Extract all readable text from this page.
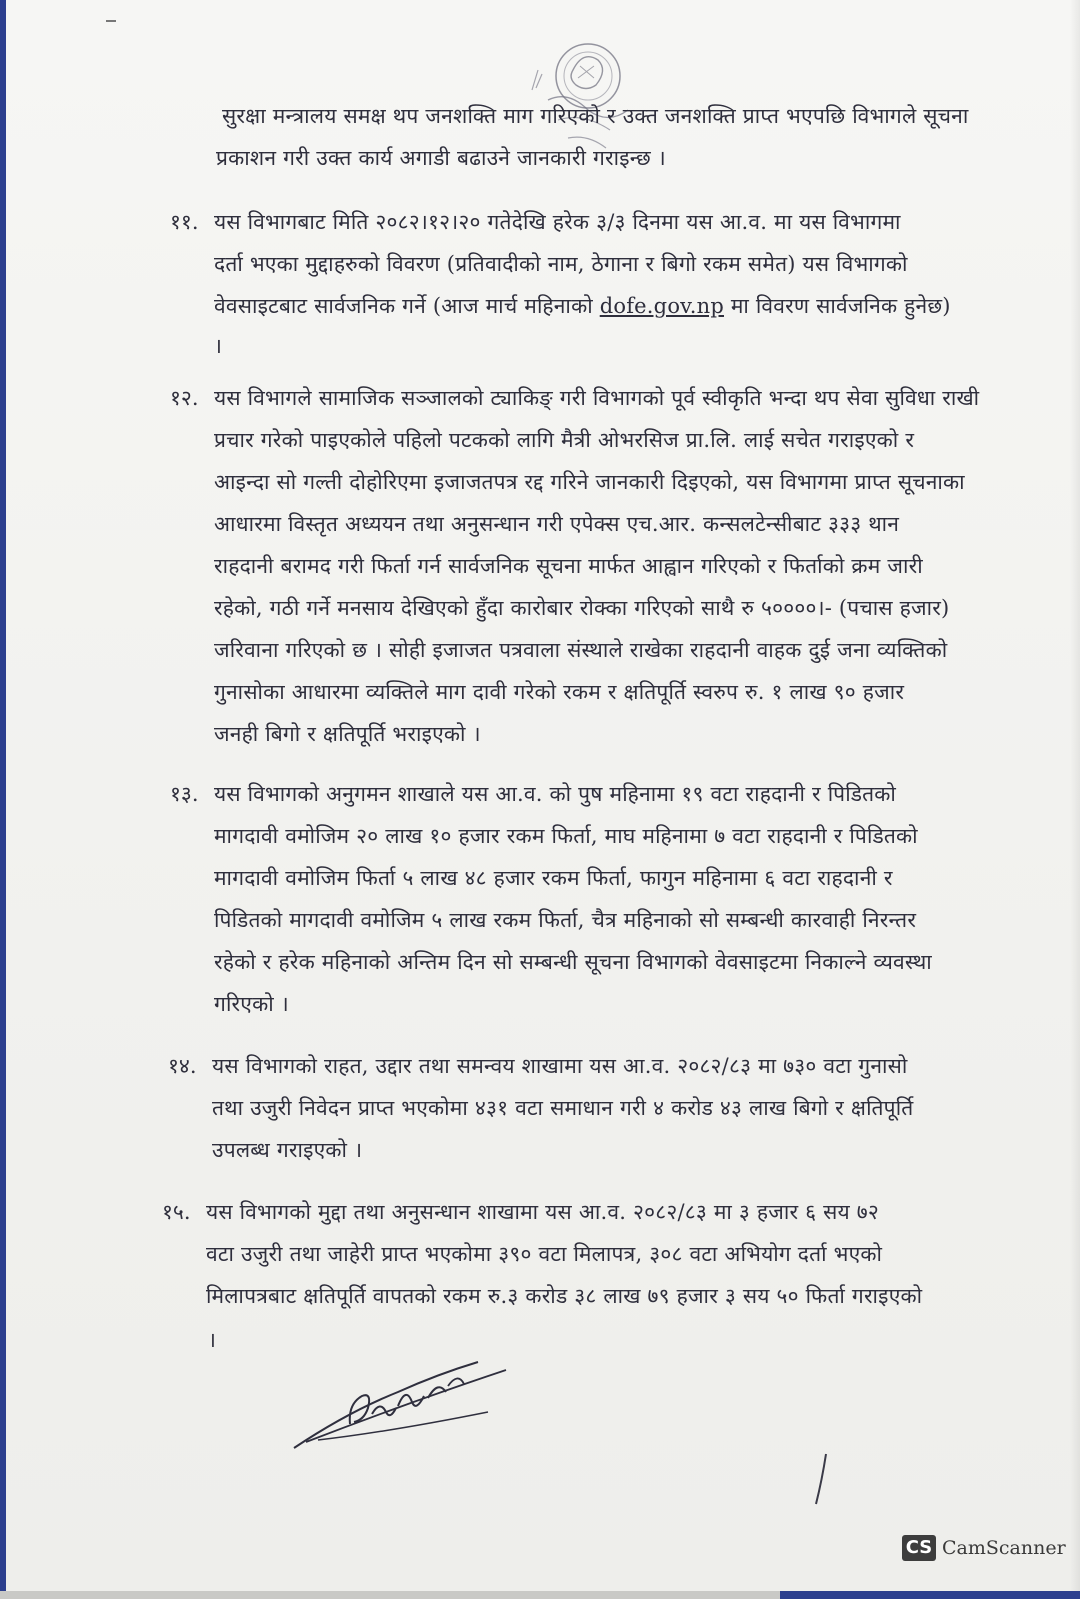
सुरक्षा मन्त्रालय समक्ष थप जनशक्ति माग गरिएको र उक्त जनशक्ति प्राप्त भएपछि विभागले सूचना
प्रकाशन गरी उक्त कार्य अगाडी बढाउने जानकारी गराइन्छ ।
११. यस विभागबाट मिति २०८२।१२।२० गतेदेखि हरेक ३/३ दिनमा यस आ.व. मा यस विभागमा
दर्ता भएका मुद्दाहरुको विवरण (प्रतिवादीको नाम, ठेगाना र बिगो रकम समेत) यस विभागको
वेवसाइटबाट सार्वजनिक गर्ने (आज मार्च महिनाको dofe.gov.np मा विवरण सार्वजनिक हुनेछ)
।
१२. यस विभागले सामाजिक सञ्जालको ट्याकिङ् गरी विभागको पूर्व स्वीकृति भन्दा थप सेवा सुविधा राखी
प्रचार गरेको पाइएकोले पहिलो पटकको लागि मैत्री ओभरसिज प्रा.लि. लाई सचेत गराइएको र
आइन्दा सो गल्ती दोहोरिएमा इजाजतपत्र रद्द गरिने जानकारी दिइएको, यस विभागमा प्राप्त सूचनाका
आधारमा विस्तृत अध्ययन तथा अनुसन्धान गरी एपेक्स एच.आर. कन्सलटेन्सीबाट ३३३ थान
राहदानी बरामद गरी फिर्ता गर्न सार्वजनिक सूचना मार्फत आह्वान गरिएको र फिर्ताको क्रम जारी
रहेको, गठी गर्ने मनसाय देखिएको हुँदा कारोबार रोक्का गरिएको साथै रु ५००००।- (पचास हजार)
जरिवाना गरिएको छ । सोही इजाजत पत्रवाला संस्थाले राखेका राहदानी वाहक दुई जना व्यक्तिको
गुनासोका आधारमा व्यक्तिले माग दावी गरेको रकम र क्षतिपूर्ति स्वरुप रु. १ लाख ९० हजार
जनही बिगो र क्षतिपूर्ति भराइएको ।
१३. यस विभागको अनुगमन शाखाले यस आ.व. को पुष महिनामा १९ वटा राहदानी र पिडितको
मागदावी वमोजिम २० लाख १० हजार रकम फिर्ता, माघ महिनामा ७ वटा राहदानी र पिडितको
मागदावी वमोजिम फिर्ता ५ लाख ४८ हजार रकम फिर्ता, फागुन महिनामा ६ वटा राहदानी र
पिडितको मागदावी वमोजिम ५ लाख रकम फिर्ता, चैत्र महिनाको सो सम्बन्धी कारवाही निरन्तर
रहेको र हरेक महिनाको अन्तिम दिन सो सम्बन्धी सूचना विभागको वेवसाइटमा निकाल्ने व्यवस्था
गरिएको ।
१४. यस विभागको राहत, उद्दार तथा समन्वय शाखामा यस आ.व. २०८२/८३ मा ७३० वटा गुनासो
तथा उजुरी निवेदन प्राप्त भएकोमा ४३१ वटा समाधान गरी ४ करोड ४३ लाख बिगो र क्षतिपूर्ति
उपलब्ध गराइएको ।
१५. यस विभागको मुद्दा तथा अनुसन्धान शाखामा यस आ.व. २०८२/८३ मा ३ हजार ६ सय ७२
वटा उजुरी तथा जाहेरी प्राप्त भएकोमा ३९० वटा मिलापत्र, ३०८ वटा अभियोग दर्ता भएको
मिलापत्रबाट क्षतिपूर्ति वापतको रकम रु.३ करोड ३८ लाख ७९ हजार ३ सय ५० फिर्ता गराइएको
।
CS CamScanner
